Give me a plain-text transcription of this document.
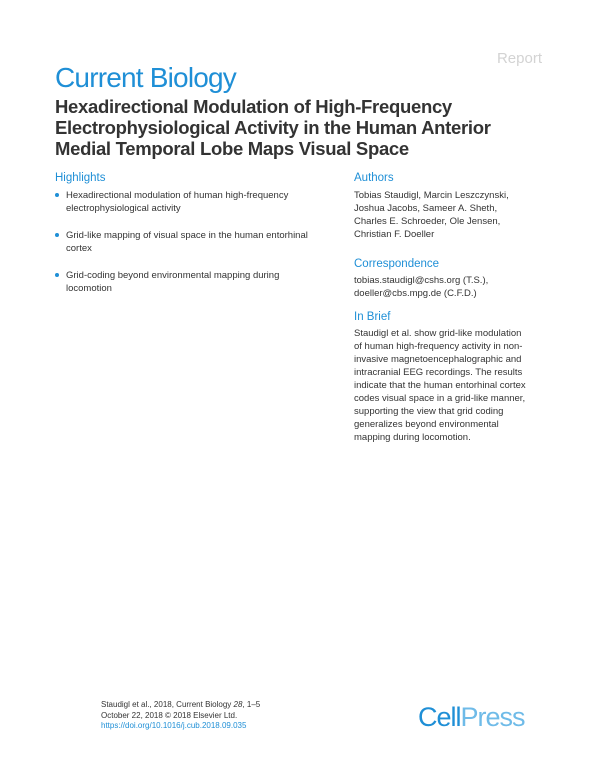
Report
Current Biology
Hexadirectional Modulation of High-Frequency
Electrophysiological Activity in the Human Anterior
Medial Temporal Lobe Maps Visual Space
Highlights
Hexadirectional modulation of human high-frequency
electrophysiological activity
Grid-like mapping of visual space in the human entorhinal
cortex
Grid-coding beyond environmental mapping during
locomotion
Authors

Tobias Staudigl, Marcin Leszczynski,
Joshua Jacobs, Sameer A. Sheth,
Charles E. Schroeder, Ole Jensen,
Christian F. Doeller

Correspondence

tobias.staudigl@cshs.org (T.S.),
doeller@cbs.mpg.de (C.F.D.)

In Brief

Staudigl et al. show grid-like modulation
of human high-frequency activity in non-
invasive magnetoencephalographic and
intracranial EEG recordings. The results
indicate that the human entorhinal cortex
codes visual space in a grid-like manner,
supporting the view that grid coding
generalizes beyond environmental
mapping during locomotion.

Staudigl et al., 2018, Current Biology 28, 1–5
October 22, 2018 © 2018 Elsevier Ltd.
https://doi.org/10.1016/j.cub.2018.09.035	CellPress
